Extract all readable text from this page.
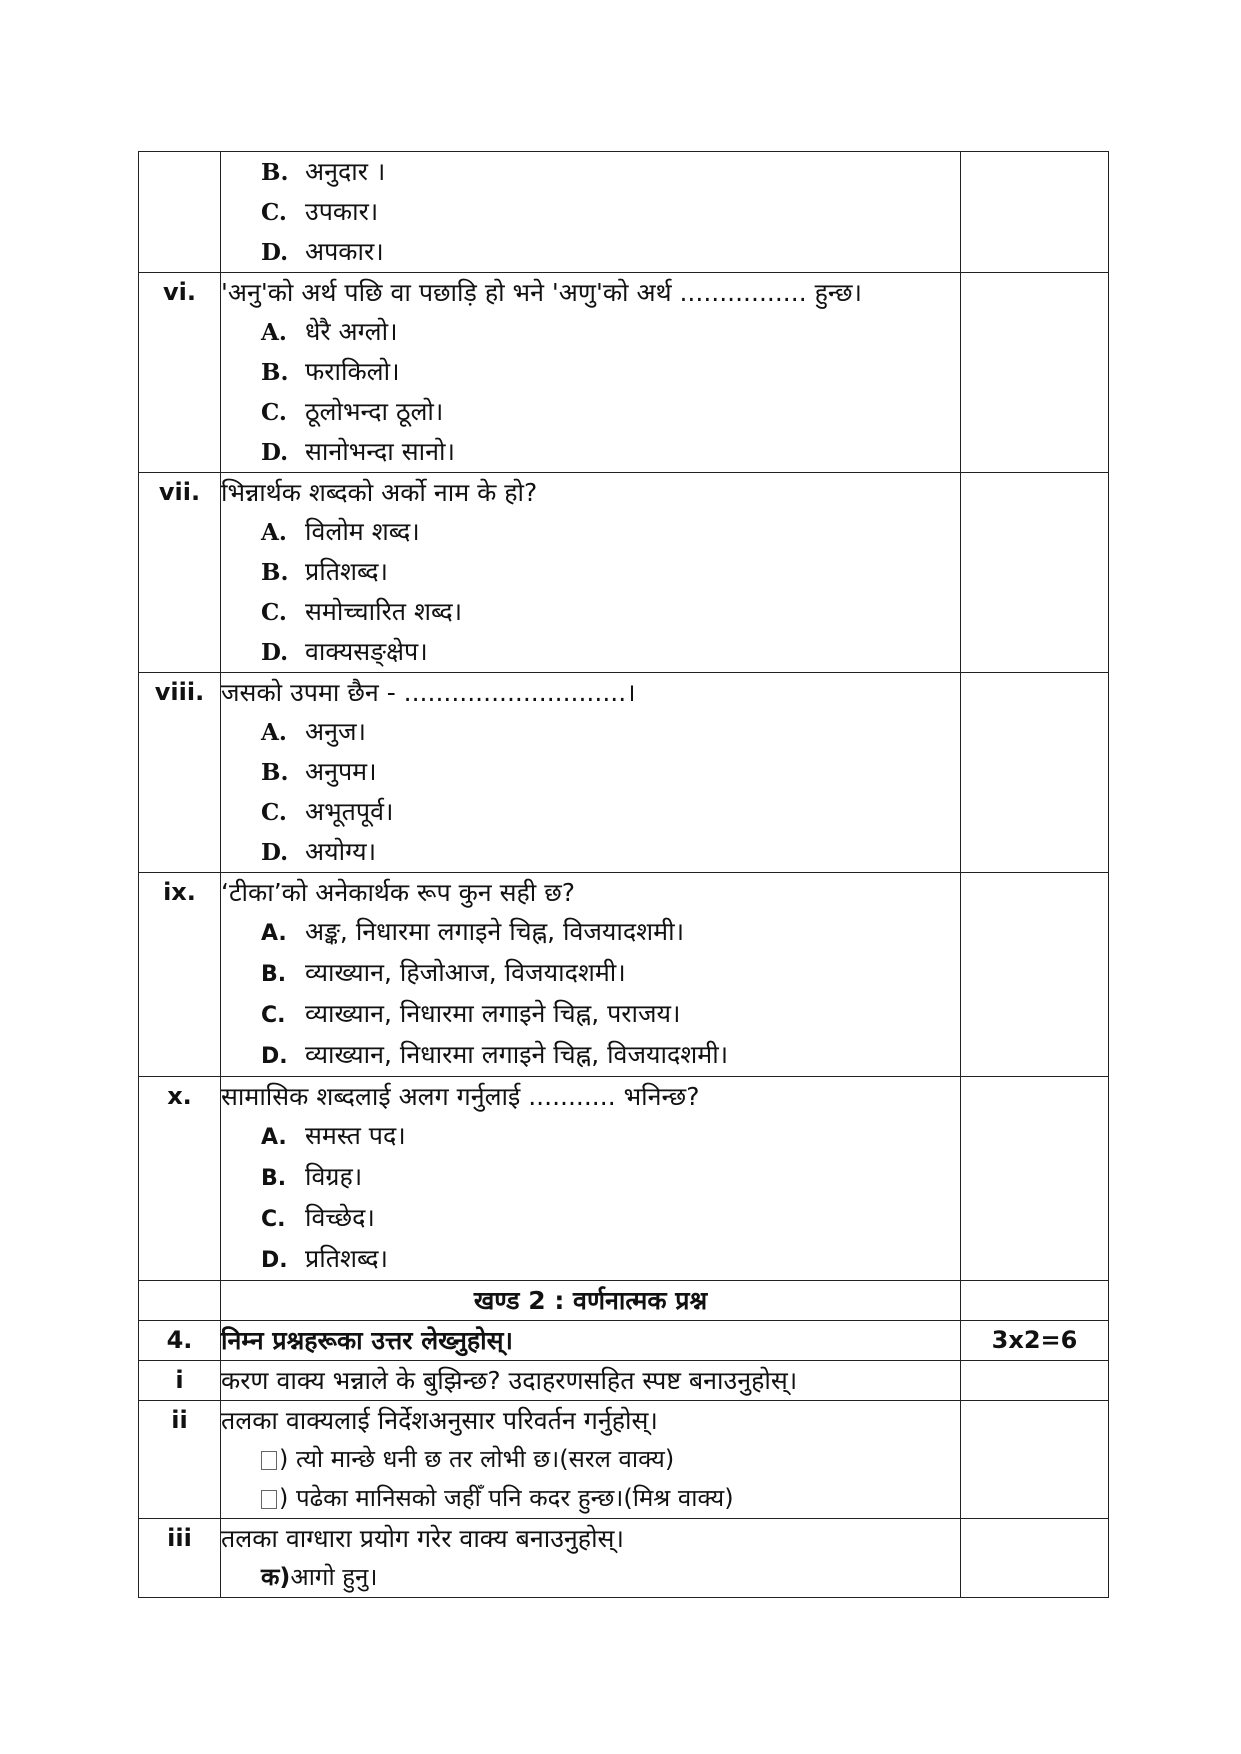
	B. अनुदार ।
C. उपकार।
D. अपकार।	

vi.	'अनु'को अर्थ पछि वा पछाड़ि हो भने 'अणु'को अर्थ ................ हुन्छ।
A. धेरै अग्लो।
B. फराकिलो।
C. ठूलोभन्दा ठूलो।
D. सानोभन्दा सानो।	

vii.	भिन्नार्थक शब्दको अर्को नाम के हो?
A. विलोम शब्द।
B. प्रतिशब्द।
C. समोच्चारित शब्द।
D. वाक्यसङ्क्षेप।	

viii.	जसको उपमा छैन - ............................।
A. अनुज।
B. अनुपम।
C. अभूतपूर्व।
D. अयोग्य।	

ix.	‘टीका’को अनेकार्थक रूप कुन सही छ?
A. अङ्क, निधारमा लगाइने चिह्न, विजयादशमी।
B. व्याख्यान, हिजोआज, विजयादशमी।
C. व्याख्यान, निधारमा लगाइने चिह्न, पराजय।
D. व्याख्यान, निधारमा लगाइने चिह्न, विजयादशमी।	

x.	सामासिक शब्दलाई अलग गर्नुलाई ........... भनिन्छ?
A. समस्त पद।
B. विग्रह।
C. विच्छेद।
D. प्रतिशब्द।	

	खण्ड 2 : वर्णनात्मक प्रश्न	
4.	निम्न प्रश्नहरूका उत्तर लेख्नुहोस्।	3x2=6
i	करण वाक्य भन्नाले के बुझिन्छ? उदाहरणसहित स्पष्ट बनाउनुहोस्।	
ii	तलका वाक्यलाई निर्देशअनुसार परिवर्तन गर्नुहोस्।
) त्यो मान्छे धनी छ तर लोभी छ।(सरल वाक्य)
) पढेका मानिसको जहीँ पनि कदर हुन्छ।(मिश्र वाक्य)	

iii	तलका वाग्धारा प्रयोग गरेर वाक्य बनाउनुहोस्।
क)आगो हुनु।	
